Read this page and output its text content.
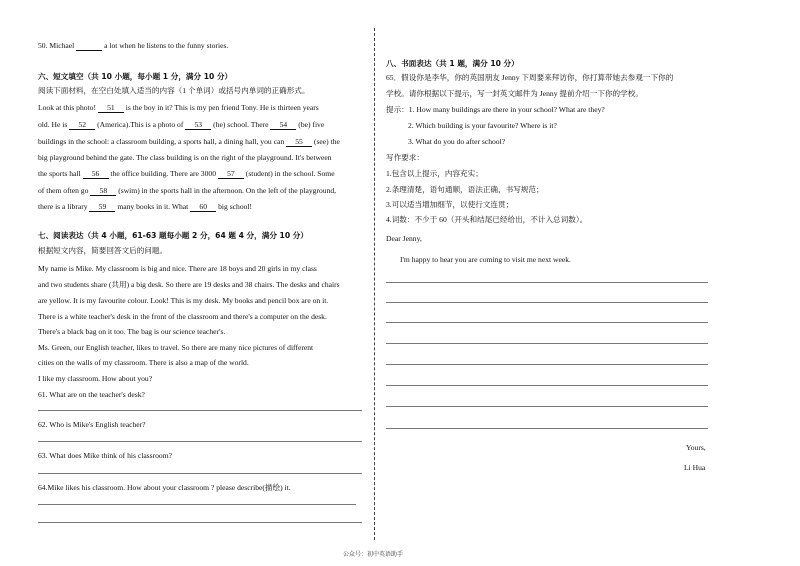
50. Michael	a lot when he listens to the funny stories.
六、短文填空（共 10 小题，每小题 1 分，满分 10 分）
阅读下面材料，在空白处填入适当的内容（1 个单词）或括号内单词的正确形式。
Look at this photo! 51 is the boy in it? This is my pen friend Tony. He is thirteen years
old. He is 52 (America).This is a photo of 53 (he) school. There 54 (be) five
buildings in the school: a classroom building, a sports hall, a dining hall, you can 55 (see) the
big playground behind the gate. The class building is on the right of the playground. It's between
the sports hall 56 the office building. There are 3000 57 (student) in the school. Some
of them often go 58 (swim) in the sports hall in the afternoon. On the left of the playground,
there is a library 59 many books in it. What 60 big school!
七、阅读表达（共 4 小题，61-63 题每小题 2 分，64 题 4 分，满分 10 分）
根据短文内容，简要回答文后的问题。
My name is Mike. My classroom is big and nice. There are 18 boys and 20 girls in my class
and two students share (共用) a big desk. So there are 19 desks and 38 chairs. The desks and chairs
are yellow. It is my favourite colour. Look! This is my desk. My books and pencil box are on it.
There is a white teacher's desk in the front of the classroom and there's a computer on the desk.
There's a black bag on it too. The bag is our science teacher's.
Ms. Green, our English teacher, likes to travel. So there are many nice pictures of different
cities on the walls of my classroom. There is also a map of the world.
I like my classroom. How about you?
61. What are on the teacher's desk?
62. Who is Mike's English teacher?
63. What does Mike think of his classroom?
64.Mike likes his classroom. How about your classroom ? please describe(描绘) it.
八、书面表达（共 1 题，满分 10 分）
65．假设你是李华，你的英国朋友 Jenny 下周要来拜访你，你打算带她去参观一下你的
学校。请你根据以下提示，写一封英文邮件为 Jenny 提前介绍一下你的学校。
提示：1. How many buildings are there in your school? What are they?
2. Which building is your favourite? Where is it?
3. What do you do after school?
写作要求：
1.包含以上提示，内容充实；
2.条理清楚，语句通顺，语法正确，书写规范；
3.可以适当增加细节，以使行文连贯；
4.词数：不少于 60（开头和结尾已经给出，不计入总词数）。
Dear Jenny,
I'm happy to hear you are coming to visit me next week.
Yours,
Li Hua
公众号：初中英语助手
